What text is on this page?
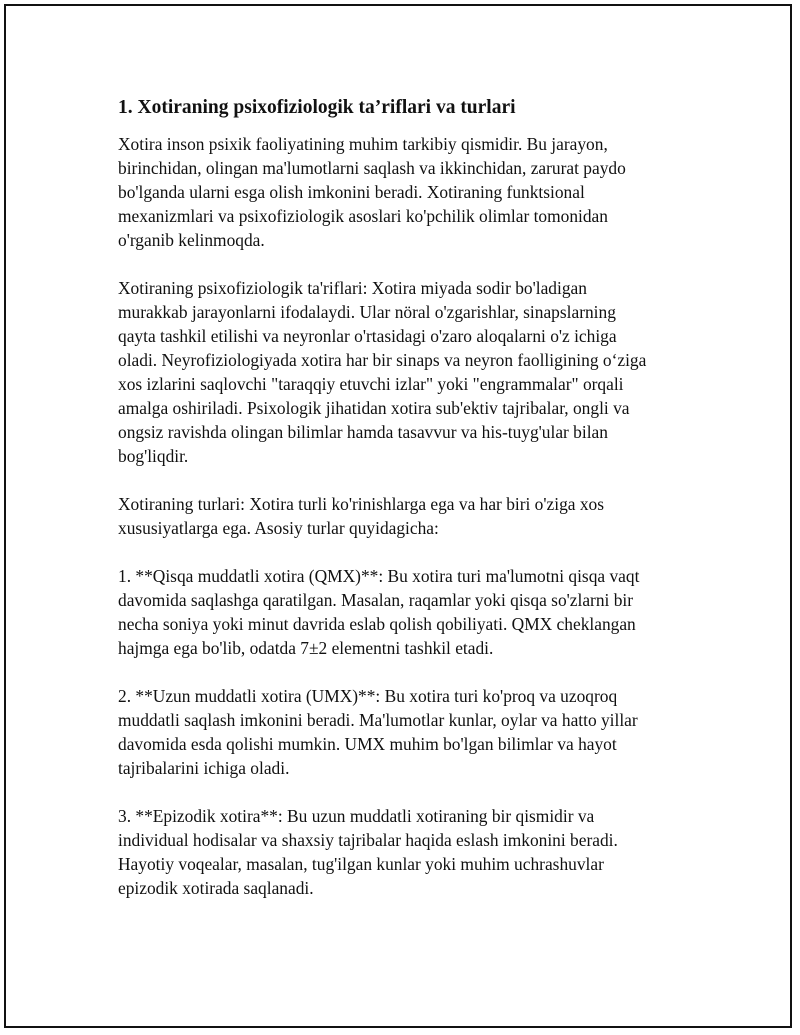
1. Xotiraning psixofiziologik ta’riflari va turlari

Xotira inson psixik faoliyatining muhim tarkibiy qismidir. Bu jarayon,
birinchidan, olingan ma'lumotlarni saqlash va ikkinchidan, zarurat paydo
bo'lganda ularni esga olish imkonini beradi. Xotiraning funktsional
mexanizmlari va psixofiziologik asoslari ko'pchilik olimlar tomonidan
o'rganib kelinmoqda.

Xotiraning psixofiziologik ta'riflari: Xotira miyada sodir bo'ladigan
murakkab jarayonlarni ifodalaydi. Ular nöral o'zgarishlar, sinapslarning
qayta tashkil etilishi va neyronlar o'rtasidagi o'zaro aloqalarni o'z ichiga
oladi. Neyrofiziologiyada xotira har bir sinaps va neyron faolligining o‘ziga
xos izlarini saqlovchi "taraqqiy etuvchi izlar" yoki "engrammalar" orqali
amalga oshiriladi. Psixologik jihatidan xotira sub'ektiv tajribalar, ongli va
ongsiz ravishda olingan bilimlar hamda tasavvur va his-tuyg'ular bilan
bog'liqdir.

Xotiraning turlari: Xotira turli ko'rinishlarga ega va har biri o'ziga xos
xususiyatlarga ega. Asosiy turlar quyidagicha:

1. **Qisqa muddatli xotira (QMX)**: Bu xotira turi ma'lumotni qisqa vaqt
davomida saqlashga qaratilgan. Masalan, raqamlar yoki qisqa so'zlarni bir
necha soniya yoki minut davrida eslab qolish qobiliyati. QMX cheklangan
hajmga ega bo'lib, odatda 7±2 elementni tashkil etadi.

2. **Uzun muddatli xotira (UMX)**: Bu xotira turi ko'proq va uzoqroq
muddatli saqlash imkonini beradi. Ma'lumotlar kunlar, oylar va hatto yillar
davomida esda qolishi mumkin. UMX muhim bo'lgan bilimlar va hayot
tajribalarini ichiga oladi.

3. **Epizodik xotira**: Bu uzun muddatli xotiraning bir qismidir va
individual hodisalar va shaxsiy tajribalar haqida eslash imkonini beradi.
Hayotiy voqealar, masalan, tug'ilgan kunlar yoki muhim uchrashuvlar
epizodik xotirada saqlanadi.
